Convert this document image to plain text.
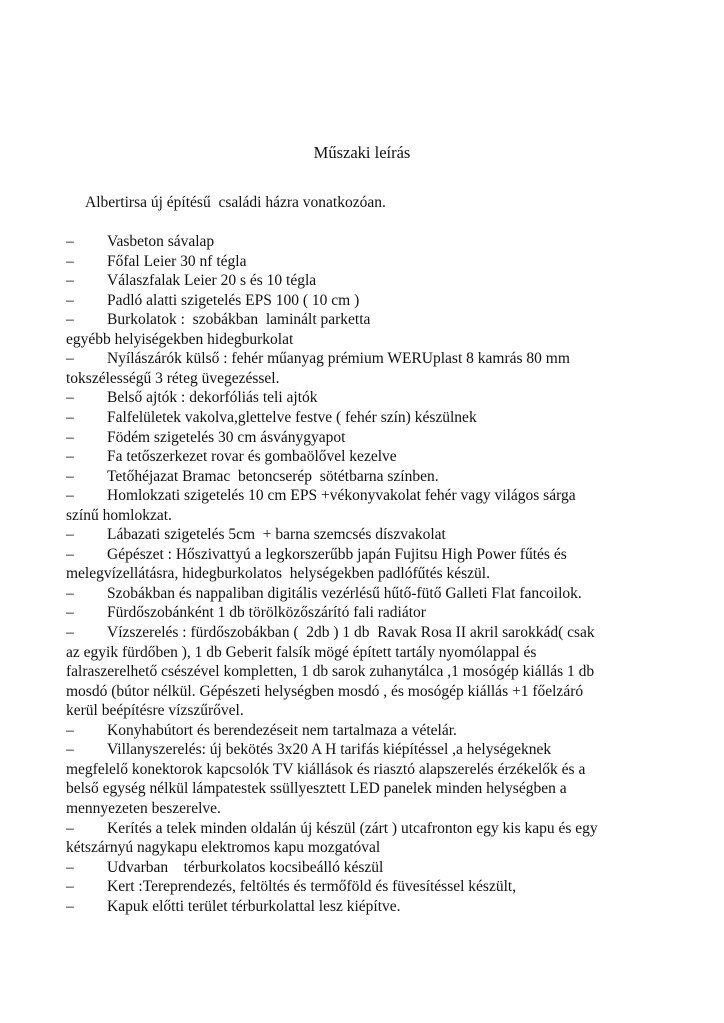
Műszaki leírás
Albertirsa új építésű  családi házra vonatkozóan.
– Vasbeton sávalap
– Főfal Leier 30 nf tégla
– Válaszfalak Leier 20 s és 10 tégla
– Padló alatti szigetelés EPS 100 ( 10 cm )
– Burkolatok :  szobákban  laminált parketta
egyébb helyiségekben hidegburkolat
– Nyílászárók külső : fehér műanyag prémium WERUplast 8 kamrás 80 mm
tokszélességű 3 réteg üvegezéssel.
– Belső ajtók : dekorfóliás teli ajtók
– Falfelületek vakolva,glettelve festve ( fehér szín) készülnek
– Födém szigetelés 30 cm ásványgyapot
– Fa tetőszerkezet rovar és gombaölővel kezelve
– Tetőhéjazat Bramac  betoncserép  sötétbarna színben.
– Homlokzati szigetelés 10 cm EPS +vékonyvakolat fehér vagy világos sárga
színű homlokzat.
– Lábazati szigetelés 5cm  + barna szemcsés díszvakolat
– Gépészet : Hőszivattyú a legkorszerűbb japán Fujitsu High Power fűtés és
melegvízellátásra, hidegburkolatos  helységekben padlófűtés készül.
– Szobákban és nappaliban digitális vezérlésű hűtő-fütő Galleti Flat fancoilok.
– Fürdőszobánként 1 db törölközőszárító fali radiátor
– Vízszerelés : fürdőszobákban (  2db ) 1 db  Ravak Rosa II akril sarokkád( csak
az egyik fürdőben ), 1 db Geberit falsík mögé épített tartály nyomólappal és
falraszerelhető csészével kompletten, 1 db sarok zuhanytálca ,1 mosógép kiállás 1 db
mosdó (bútor nélkül. Gépészeti helységben mosdó , és mosógép kiállás +1 főelzáró
kerül beépítésre vízszűrővel.
– Konyhabútort és berendezéseit nem tartalmaza a vételár.
– Villanyszerelés: új bekötés 3x20 A H tarifás kiépítéssel ,a helységeknek
megfelelő konektorok kapcsolók TV kiállások és riasztó alapszerelés érzékelők és a
belső egység nélkül lámpatestek ssüllyesztett LED panelek minden helységben a
mennyezeten beszerelve.
– Kerítés a telek minden oldalán új készül (zárt ) utcafronton egy kis kapu és egy
kétszárnyú nagykapu elektromos kapu mozgatóval
– Udvarban    térburkolatos kocsibeálló készül
– Kert :Tereprendezés, feltöltés és termőföld és füvesítéssel készült,
– Kapuk előtti terület térburkolattal lesz kiépítve.
